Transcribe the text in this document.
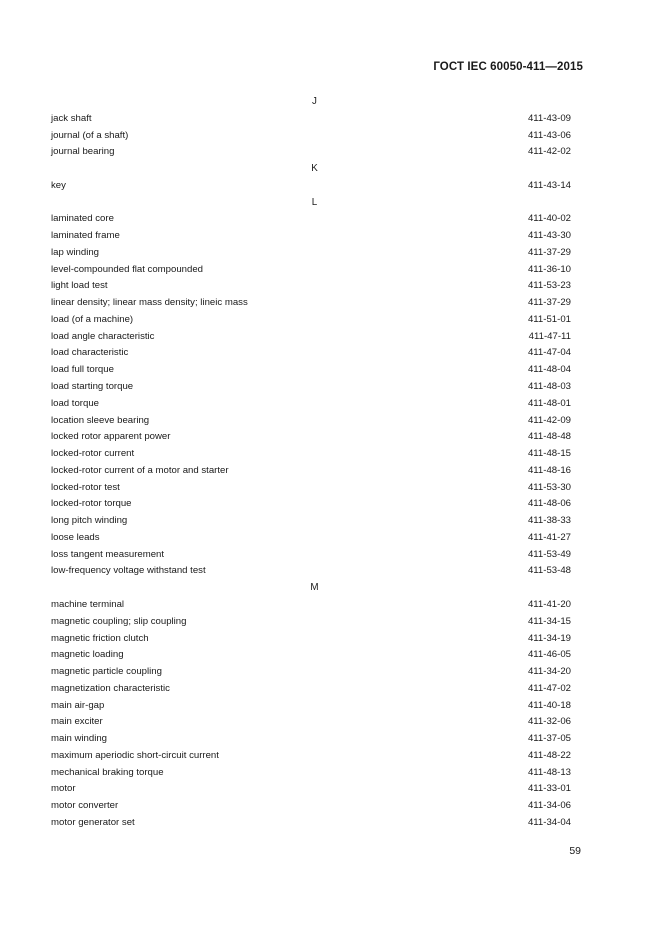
ГОСТ IEC 60050-411—2015
J
jack shaft	411-43-09
journal (of a shaft)	411-43-06
journal bearing	411-42-02
K
key	411-43-14
L
laminated core	411-40-02
laminated frame	411-43-30
lap winding	411-37-29
level-compounded flat compounded	411-36-10
light load test	411-53-23
linear density; linear mass density; lineic mass	411-37-29
load (of a machine)	411-51-01
load angle characteristic	411-47-11
load characteristic	411-47-04
load full torque	411-48-04
load starting torque	411-48-03
load torque	411-48-01
location sleeve bearing	411-42-09
locked rotor apparent power	411-48-48
locked-rotor current	411-48-15
locked-rotor current of a motor and starter	411-48-16
locked-rotor test	411-53-30
locked-rotor torque	411-48-06
long pitch winding	411-38-33
loose leads	411-41-27
loss tangent measurement	411-53-49
low-frequency voltage withstand test	411-53-48
M
machine terminal	411-41-20
magnetic coupling; slip coupling	411-34-15
magnetic friction clutch	411-34-19
magnetic loading	411-46-05
magnetic particle coupling	411-34-20
magnetization characteristic	411-47-02
main air-gap	411-40-18
main exciter	411-32-06
main winding	411-37-05
maximum aperiodic short-circuit current	411-48-22
mechanical braking torque	411-48-13
motor	411-33-01
motor converter	411-34-06
motor generator set	411-34-04
59
